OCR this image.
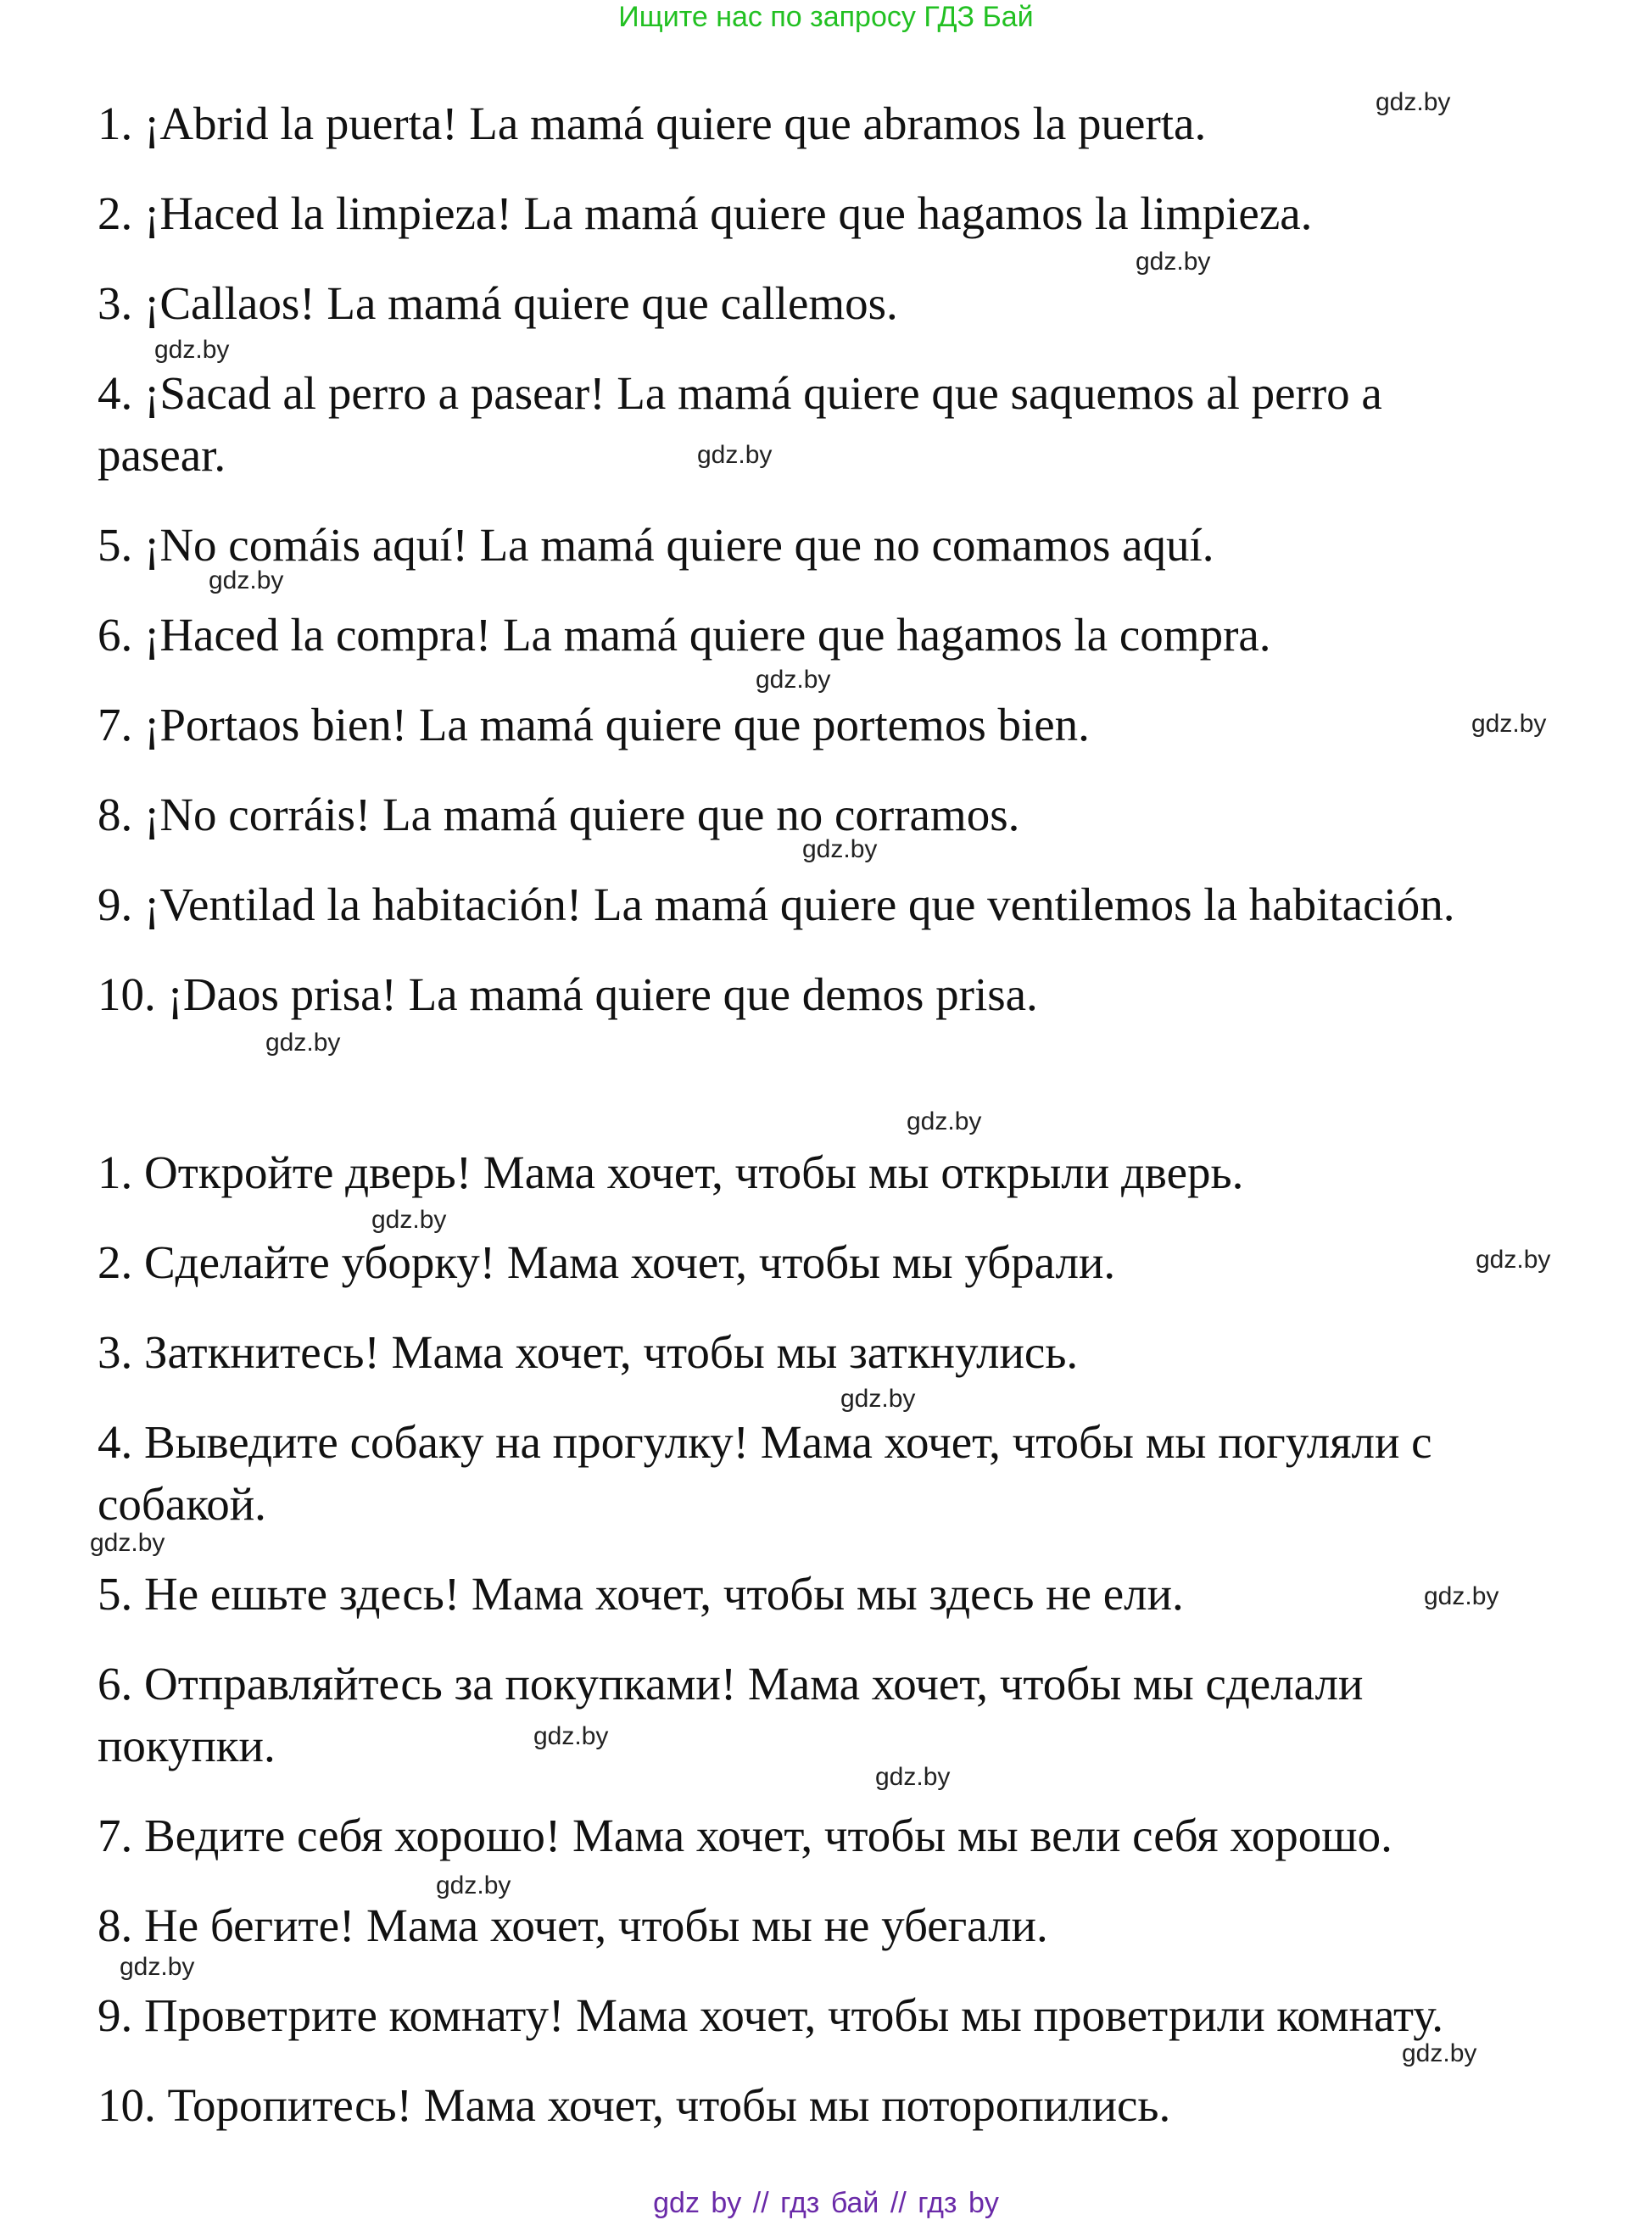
Ищите нас по запросу ГДЗ Бай
1. ¡Abrid la puerta! La mamá quiere que abramos la puerta.
2. ¡Haced la limpieza! La mamá quiere que hagamos la limpieza.
3. ¡Callaos! La mamá quiere que callemos.
4. ¡Sacad al perro a pasear! La mamá quiere que saquemos al perro a
pasear.
5. ¡No comáis aquí! La mamá quiere que no comamos aquí.
6. ¡Haced la compra! La mamá quiere que hagamos la compra.
7. ¡Portaos bien! La mamá quiere que portemos bien.
8. ¡No corráis! La mamá quiere que no corramos.
9. ¡Ventilad la habitación! La mamá quiere que ventilemos la habitación.
10. ¡Daos prisa! La mamá quiere que demos prisa.
1. Откройте дверь! Мама хочет, чтобы мы открыли дверь.
2. Сделайте уборку! Мама хочет, чтобы мы убрали.
3. Заткнитесь! Мама хочет, чтобы мы заткнулись.
4. Выведите собаку на прогулку! Мама хочет, чтобы мы погуляли с
собакой.
5. Не ешьте здесь! Мама хочет, чтобы мы здесь не ели.
6. Отправляйтесь за покупками! Мама хочет, чтобы мы сделали
покупки.
7. Ведите себя хорошо! Мама хочет, чтобы мы вели себя хорошо.
8. Не бегите! Мама хочет, чтобы мы не убегали.
9. Проветрите комнату! Мама хочет, чтобы мы проветрили комнату.
10. Торопитесь! Мама хочет, чтобы мы поторопились.
gdz.by
gdz.by
gdz.by
gdz.by
gdz.by
gdz.by
gdz.by
gdz.by
gdz.by
gdz.by
gdz.by
gdz.by
gdz.by
gdz.by
gdz.by
gdz.by
gdz.by
gdz.by
gdz.by
gdz.by
gdz by // гдз бай // гдз by
